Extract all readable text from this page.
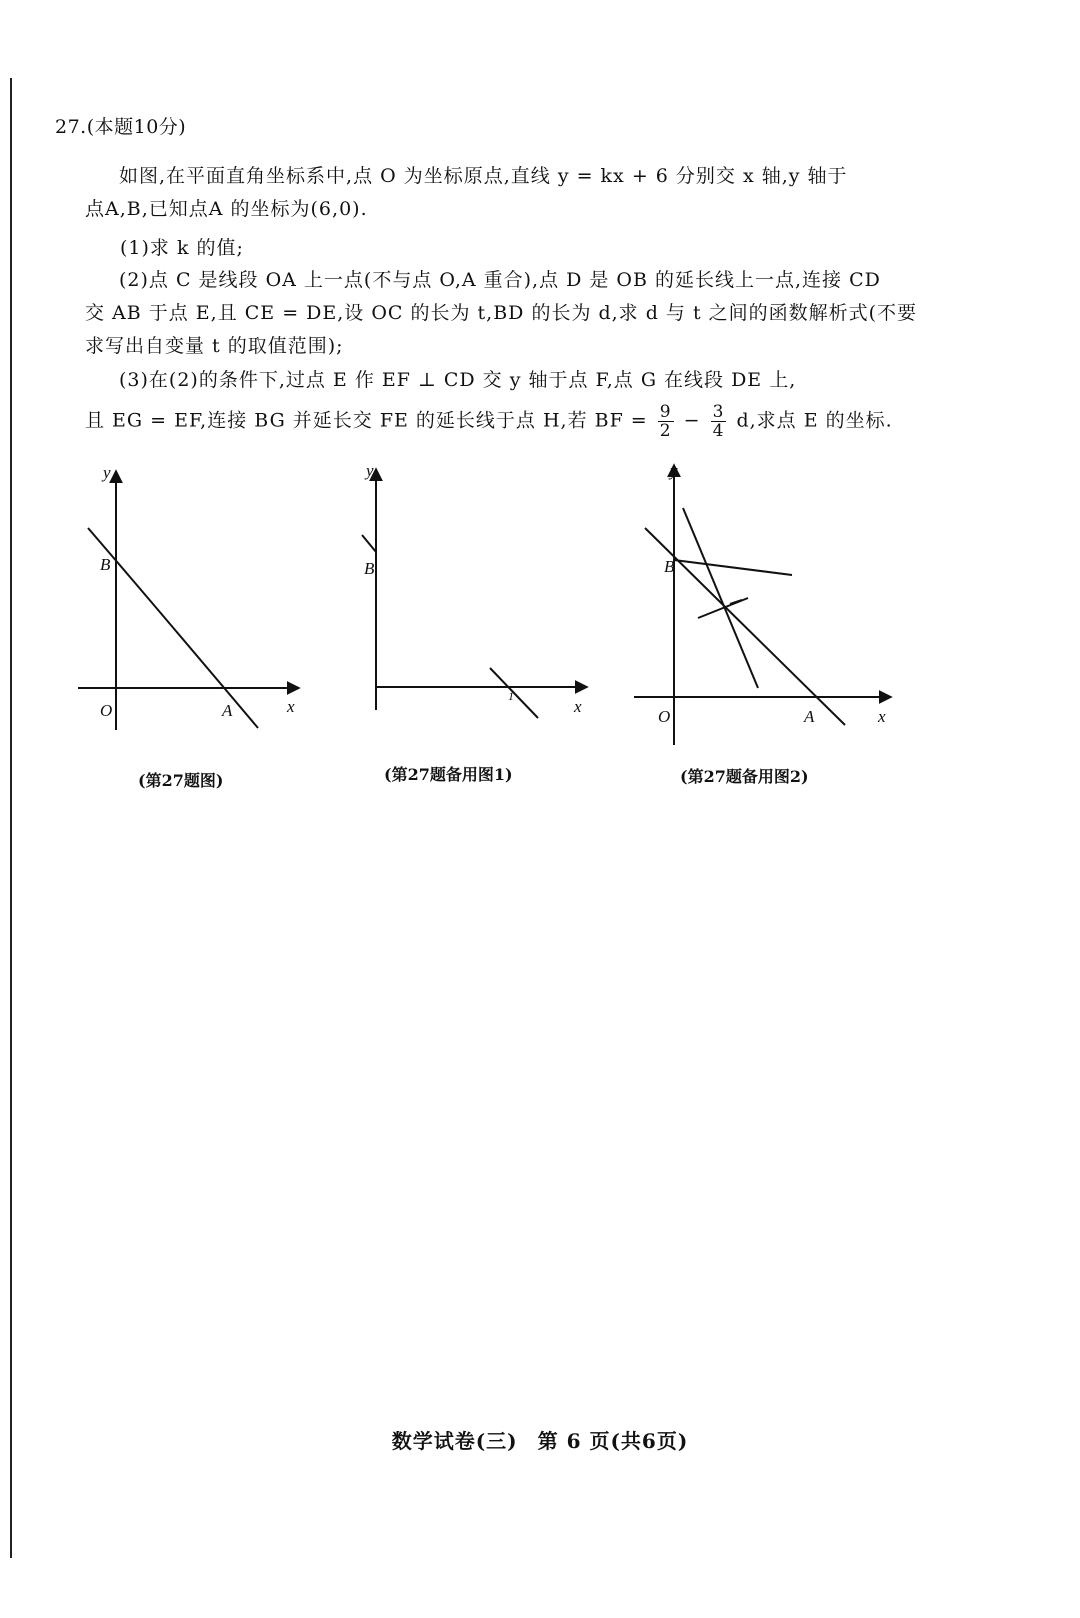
27.(本题10分)
如图,在平面直角坐标系中,点 O 为坐标原点,直线 y = kx + 6 分别交 x 轴,y 轴于
点A,B,已知点A 的坐标为(6,0).
(1)求 k 的值;
(2)点 C 是线段 OA 上一点(不与点 O,A 重合),点 D 是 OB 的延长线上一点,连接 CD
交 AB 于点 E,且 CE = DE,设 OC 的长为 t,BD 的长为 d,求 d 与 t 之间的函数解析式(不要
求写出自变量 t 的取值范围);
(3)在(2)的条件下,过点 E 作 EF ⊥ CD 交 y 轴于点 F,点 G 在线段 DE 上,
且 EG = EF,连接 BG 并延长交 FE 的延长线于点 H,若 BF = $\frac{9}{2} - \frac{3}{4} d$,求点 E 的坐标.
y
x
O
B
A
y
x
B
1
y
x
O
B
A
(第27题图)	(第27题备用图1)	(第27题备用图2)
数学试卷(三) 第 6 页(共6页)
